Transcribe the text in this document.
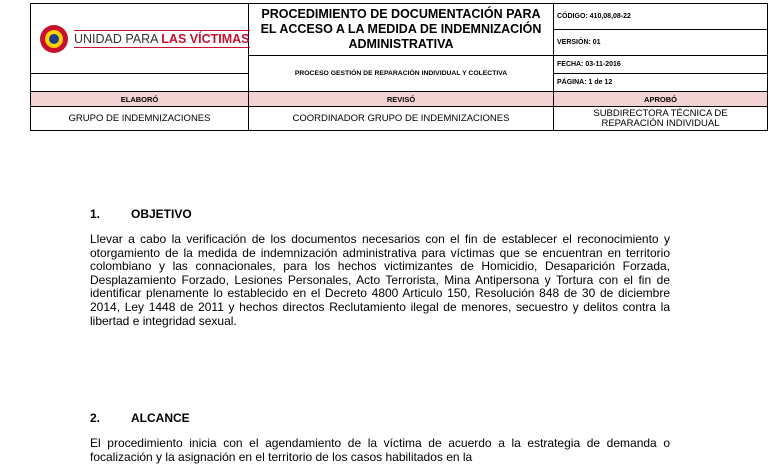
UNIDAD PARA LAS VÍCTIMAS	PROCEDIMIENTO DE DOCUMENTACIÓN PARA EL ACCESO A LA MEDIDA DE INDEMNIZACIÓN ADMINISTRATIVA	CÓDIGO: 410,08,08-22
		VERSIÓN: 01
	PROCESO GESTIÓN DE REPARACIÓN INDIVIDUAL Y COLECTIVA	FECHA: 03-11-2016
		PÁGINA: 1 de 12
ELABORÓ	REVISÓ	APROBÓ
GRUPO DE INDEMNIZACIONES	COORDINADOR GRUPO DE INDEMNIZACIONES	SUBDIRECTORA TÉCNICA DE REPARACIÓN INDIVIDUAL
1.	OBJETIVO
Llevar a cabo la verificación de los documentos necesarios con el fin de establecer el reconocimiento y otorgamiento de la medida de indemnización administrativa para víctimas que se encuentran en territorio colombiano y las connacionales, para los hechos victimizantes de Homicidio, Desaparición Forzada, Desplazamiento Forzado, Lesiones Personales, Acto Terrorista, Mina Antipersona y Tortura con el fin de identificar plenamente lo establecido en el Decreto 4800 Articulo 150, Resolución 848 de 30 de diciembre 2014, Ley 1448 de 2011 y hechos directos Reclutamiento ilegal de menores, secuestro y delitos contra la libertad e integridad sexual.
2.	ALCANCE
El procedimiento inicia con el agendamiento de la víctima de acuerdo a la estrategia de demanda o focalización y la asignación en el territorio de los casos habilitados en la
